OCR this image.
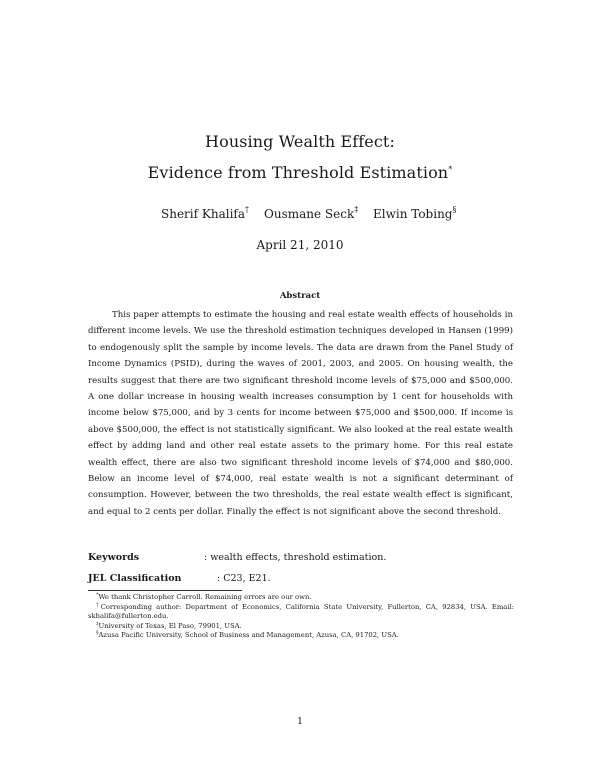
Housing Wealth Effect:
Evidence from Threshold Estimation*
Sherif Khalifa† Ousmane Seck‡ Elwin Tobing§
April 21, 2010
Abstract

This paper attempts to estimate the housing and real estate wealth effects of households in different income levels. We use the threshold estimation techniques developed in Hansen (1999) to endogenously split the sample by income levels. The data are drawn from the Panel Study of Income Dynamics (PSID), during the waves of 2001, 2003, and 2005. On housing wealth, the results suggest that there are two significant threshold income levels of $75,000 and $500,000. A one dollar increase in housing wealth increases consumption by 1 cent for households with income below $75,000, and by 3 cents for income between $75,000 and $500,000. If income is above $500,000, the effect is not statistically significant. We also looked at the real estate wealth effect by adding land and other real estate assets to the primary home. For this real estate wealth effect, there are also two significant threshold income levels of $74,000 and $80,000. Below an income level of $74,000, real estate wealth is not a significant determinant of consumption. However, between the two thresholds, the real estate wealth effect is significant, and equal to 2 cents per dollar. Finally the effect is not significant above the second threshold.

Keywords	: wealth effects, threshold estimation.
JEL Classification	: C23, E21.
*We thank Christopher Carroll. Remaining errors are our own.
†Corresponding author: Department of Economics, California State University, Fullerton, CA, 92834, USA. Email: skhalifa@fullerton.edu.
‡University of Texas, El Paso, 79901, USA.
§Azusa Pacific University, School of Business and Management, Azusa, CA, 91702, USA.
1
